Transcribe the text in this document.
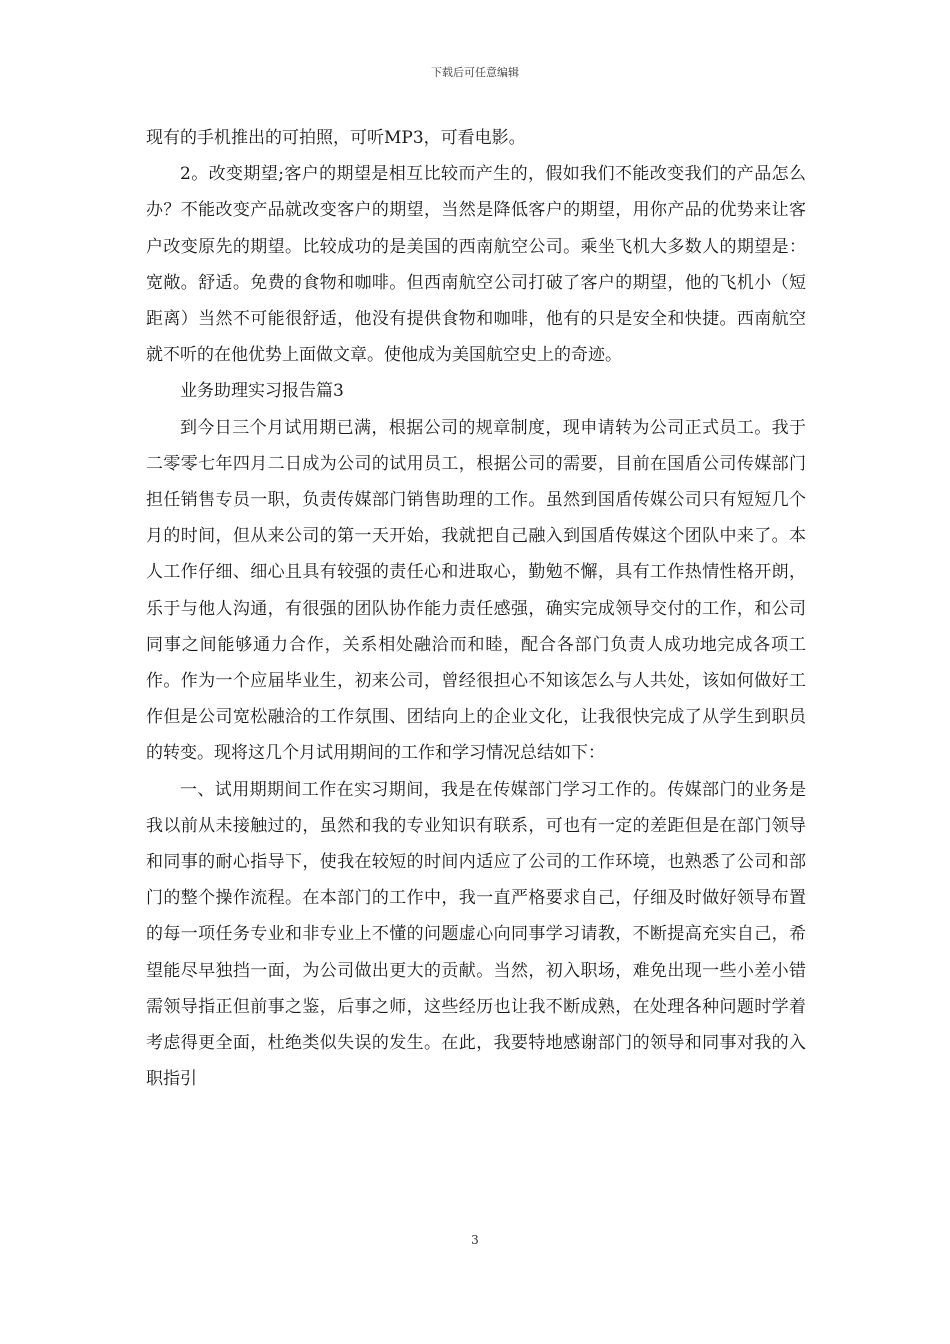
下载后可任意编辑

现有的手机推出的可拍照，可听MP3，可看电影。

2。改变期望;客户的期望是相互比较而产生的，假如我们不能改变我们的产品怎么办？不能改变产品就改变客户的期望，当然是降低客户的期望，用你产品的优势来让客户改变原先的期望。比较成功的是美国的西南航空公司。乘坐飞机大多数人的期望是：宽敞。舒适。免费的食物和咖啡。但西南航空公司打破了客户的期望，他的飞机小（短距离）当然不可能很舒适，他没有提供食物和咖啡，他有的只是安全和快捷。西南航空就不听的在他优势上面做文章。使他成为美国航空史上的奇迹。

业务助理实习报告篇3

到今日三个月试用期已满，根据公司的规章制度，现申请转为公司正式员工。我于二零零七年四月二日成为公司的试用员工，根据公司的需要，目前在国盾公司传媒部门担任销售专员一职，负责传媒部门销售助理的工作。虽然到国盾传媒公司只有短短几个月的时间，但从来公司的第一天开始，我就把自己融入到国盾传媒这个团队中来了。本人工作仔细、细心且具有较强的责任心和进取心，勤勉不懈，具有工作热情性格开朗，乐于与他人沟通，有很强的团队协作能力责任感强，确实完成领导交付的工作，和公司同事之间能够通力合作，关系相处融洽而和睦，配合各部门负责人成功地完成各项工作。作为一个应届毕业生，初来公司，曾经很担心不知该怎么与人共处，该如何做好工作但是公司宽松融洽的工作氛围、团结向上的企业文化，让我很快完成了从学生到职员的转变。现将这几个月试用期间的工作和学习情况总结如下：

一、试用期期间工作在实习期间，我是在传媒部门学习工作的。传媒部门的业务是我以前从未接触过的，虽然和我的专业知识有联系，可也有一定的差距但是在部门领导和同事的耐心指导下，使我在较短的时间内适应了公司的工作环境，也熟悉了公司和部门的整个操作流程。在本部门的工作中，我一直严格要求自己，仔细及时做好领导布置的每一项任务专业和非专业上不懂的问题虚心向同事学习请教，不断提高充实自己，希望能尽早独挡一面，为公司做出更大的贡献。当然，初入职场，难免出现一些小差小错需领导指正但前事之鉴，后事之师，这些经历也让我不断成熟，在处理各种问题时学着考虑得更全面，杜绝类似失误的发生。在此，我要特地感谢部门的领导和同事对我的入职指引

3
